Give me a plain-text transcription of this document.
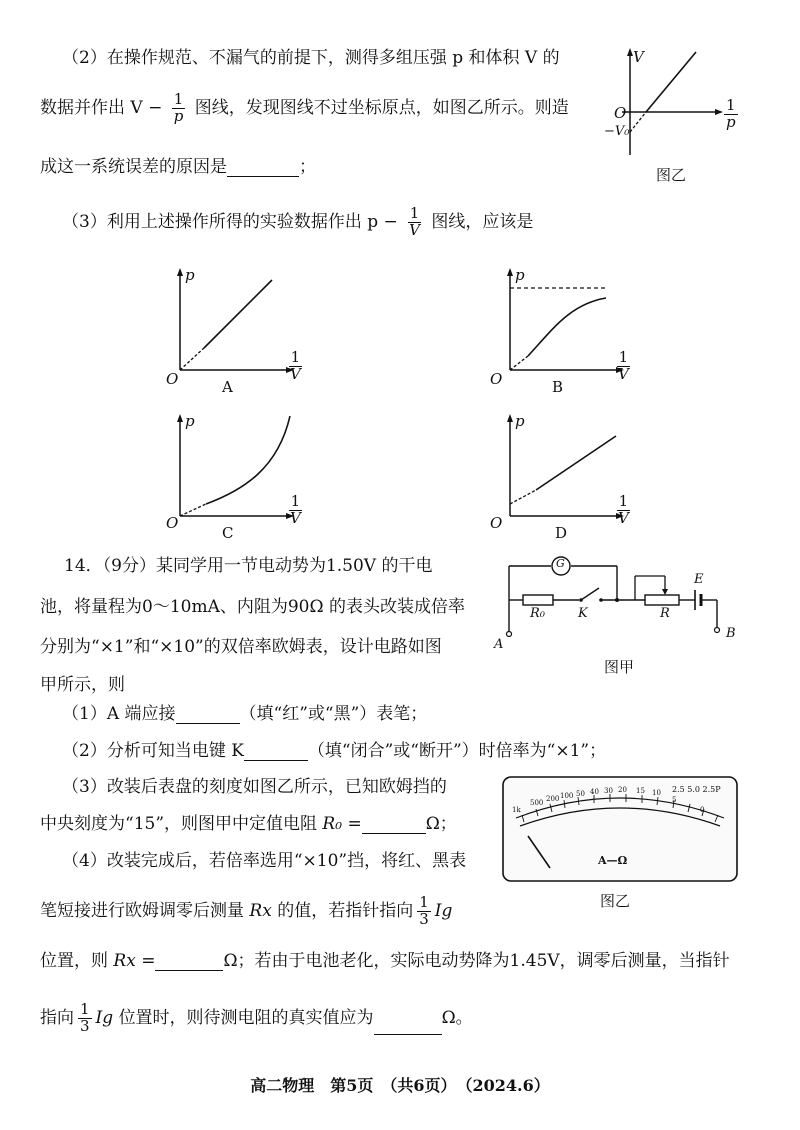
（2）在操作规范、不漏气的前提下，测得多组压强 p 和体积 V 的
数据并作出 $V - \frac{1}{p}$ 图线，发现图线不过坐标原点，如图乙所示。则造
成这一系统误差的原因是	；
V
O
−V₀
$\frac{1}{p}$
图乙
（3）利用上述操作所得的实验数据作出 $p - \frac{1}{V}$ 图线，应该是
p
O	$\frac{1}{V}$
A
p
O	$\frac{1}{V}$
B
p
O	$\frac{1}{V}$
C
p
O	$\frac{1}{V}$
D
14．（9分）某同学用一节电动势为1.50V 的干电
池，将量程为0～10mA、内阻为90Ω 的表头改装成倍率
分别为“×1”和“×10”的双倍率欧姆表，设计电路如图
甲所示，则
G
R₀	K	R
E
A
B
图甲
（1）A 端应接	（填“红”或“黑”）表笔；
（2）分析可知当电键 K	（填“闭合”或“断开”）时倍率为“×1”；
（3）改装后表盘的刻度如图乙所示，已知欧姆挡的
中央刻度为“15”，则图甲中定值电阻 R₀ =	Ω；
（4）改装完成后，若倍率选用“×10”挡，将红、黑表
笔短接进行欧姆调零后测量 Rx 的值，若指针指向 $\frac{1}{3}$ Ig
位置，则 Rx =	Ω；若由于电池老化，实际电动势降为1.45V，调零后测量，当指针
指向 $\frac{1}{3}$ Ig 位置时，则待测电阻的真实值应为	Ω。
2.5 5.0 2.5P
1k
500 200 100 50 40 30 20 15 10
5
0
A—Ω
图乙
高二物理　第5页　（共6页）　（2024.6）
